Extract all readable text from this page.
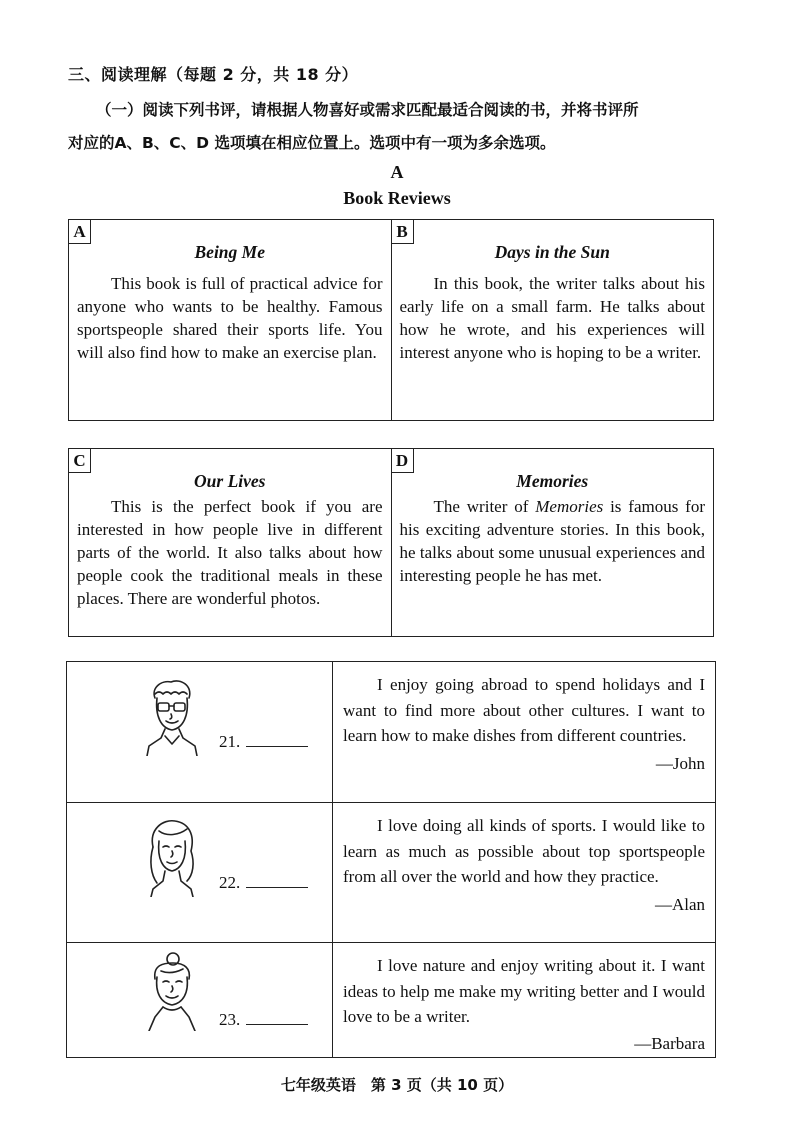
三、阅读理解（每题 2 分，共 18 分）
（一）阅读下列书评，请根据人物喜好或需求匹配最适合阅读的书，并将书评所
对应的A、B、C、D 选项填在相应位置上。选项中有一项为多余选项。
A
Book Reviews
A

Being Me

This book is full of practical advice for anyone who wants to be healthy. Famous sportspeople shared their sports life. You will also find how to make an exercise plan.

B

Days in the Sun

In this book, the writer talks about his early life on a small farm. He talks about how he wrote, and his experiences will interest anyone who is hoping to be a writer.

C

Our Lives

This is the perfect book if you are interested in how people live in different parts of the world. It also talks about how people cook the traditional meals in these places. There are wonderful photos.

D

Memories

The writer of Memories is famous for his exciting adventure stories. In this book, he talks about some unusual experiences and interesting people he has met.

21.

I enjoy going abroad to spend holidays and I want to find more about other cultures. I want to learn how to make dishes from different countries.

—John

22.

I love doing all kinds of sports. I would like to learn as much as possible about top sportspeople from all over the world and how they practice.

—Alan

23.

I love nature and enjoy writing about it. I want ideas to help me make my writing better and I would love to be a writer.

—Barbara

七年级英语　第 3 页（共 10 页）
